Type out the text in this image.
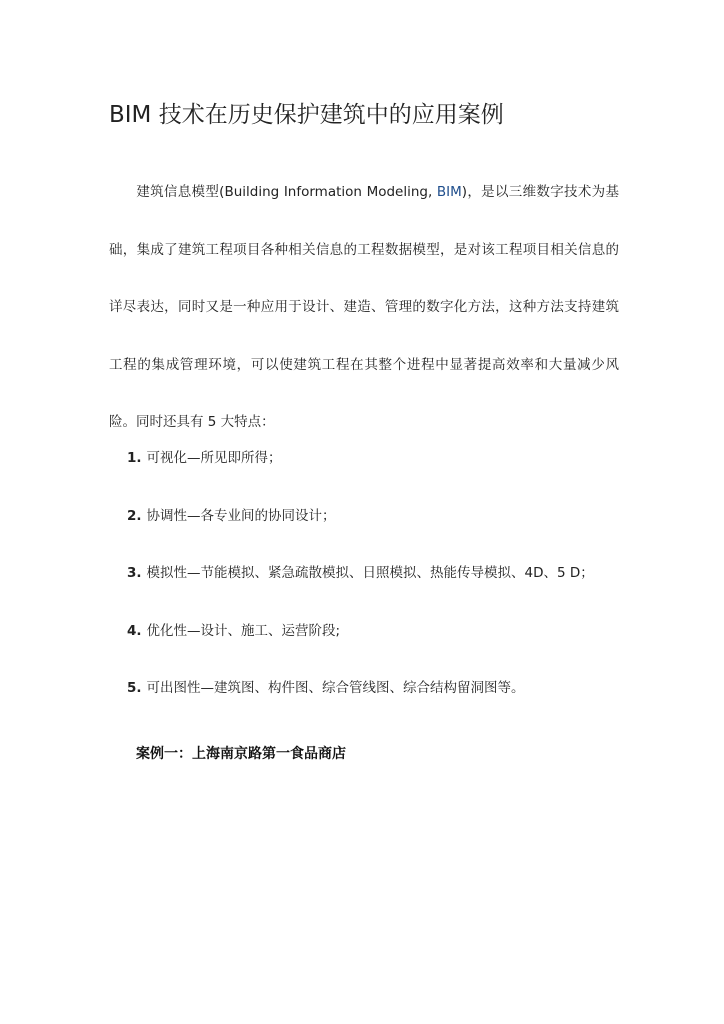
BIM 技术在历史保护建筑中的应用案例

建筑信息模型(Building Information Modeling, BIM)，是以三维数字技术为基础，集成了建筑工程项目各种相关信息的工程数据模型，是对该工程项目相关信息的详尽表达，同时又是一种应用于设计、建造、管理的数字化方法，这种方法支持建筑工程的集成管理环境，可以使建筑工程在其整个进程中显著提高效率和大量减少风险。同时还具有 5 大特点：

1. 可视化—所见即所得；
2. 协调性—各专业间的协同设计；
3. 模拟性—节能模拟、紧急疏散模拟、日照模拟、热能传导模拟、4D、5 D；
4. 优化性—设计、施工、运营阶段;
5. 可出图性—建筑图、构件图、综合管线图、综合结构留洞图等。
案例一：上海南京路第一食品商店
